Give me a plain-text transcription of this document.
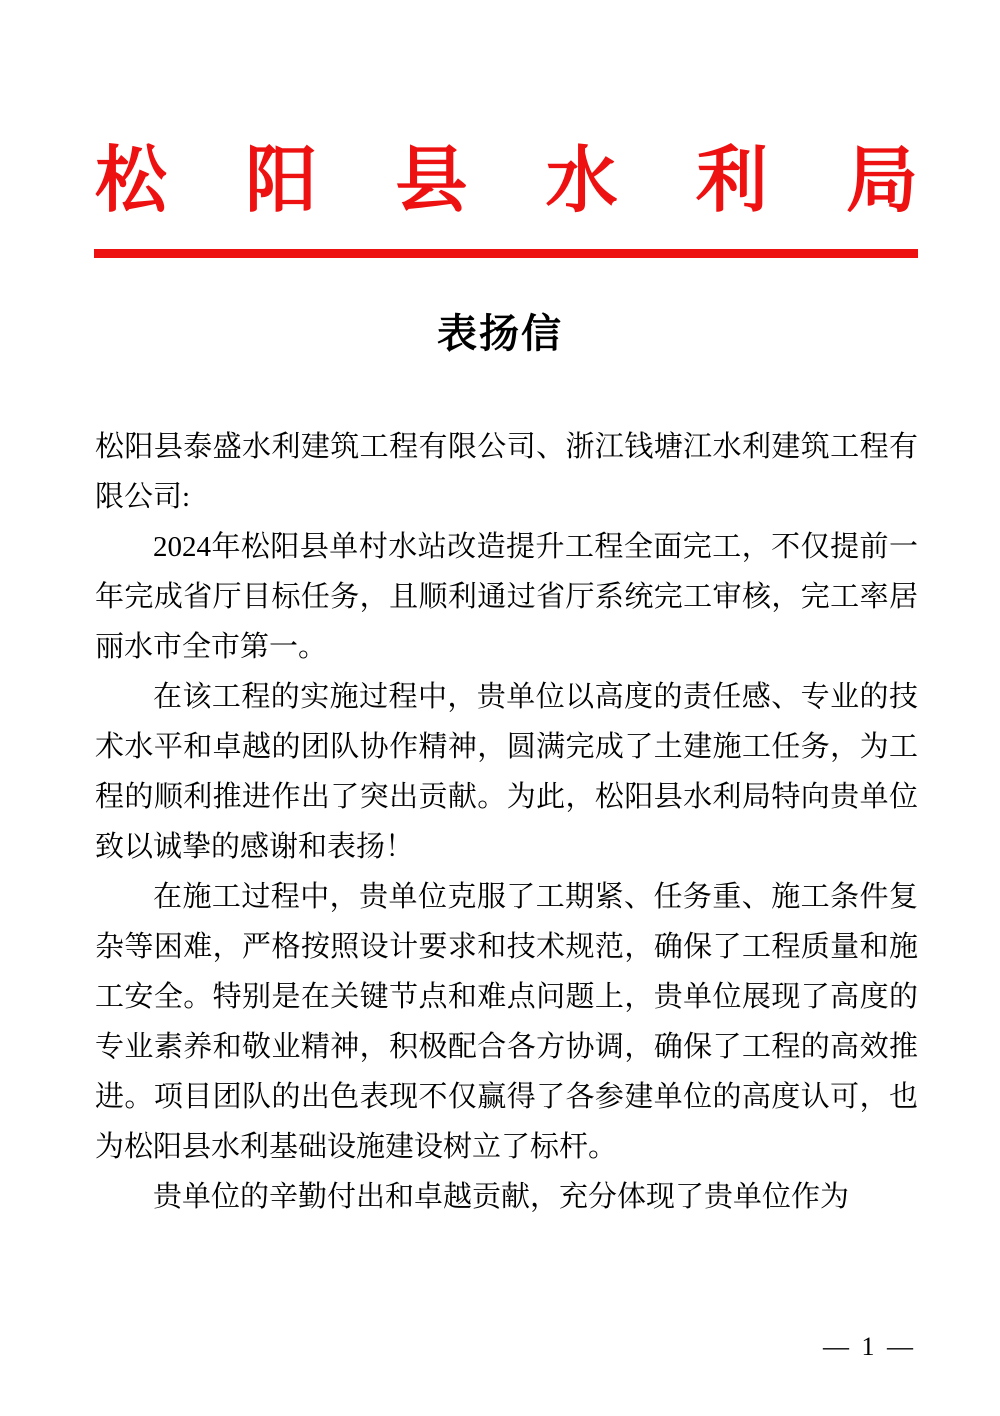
松阳县水利局
表扬信

松阳县泰盛水利建筑工程有限公司、浙江钱塘江水利建筑工程有限公司:

2024年松阳县单村水站改造提升工程全面完工，不仅提前一年完成省厅目标任务，且顺利通过省厅系统完工审核，完工率居丽水市全市第一。

在该工程的实施过程中，贵单位以高度的责任感、专业的技术水平和卓越的团队协作精神，圆满完成了土建施工任务，为工程的顺利推进作出了突出贡献。为此，松阳县水利局特向贵单位致以诚挚的感谢和表扬！

在施工过程中，贵单位克服了工期紧、任务重、施工条件复杂等困难，严格按照设计要求和技术规范，确保了工程质量和施工安全。特别是在关键节点和难点问题上，贵单位展现了高度的专业素养和敬业精神，积极配合各方协调，确保了工程的高效推进。项目团队的出色表现不仅赢得了各参建单位的高度认可，也为松阳县水利基础设施建设树立了标杆。

贵单位的辛勤付出和卓越贡献，充分体现了贵单位作为

— 1 —
